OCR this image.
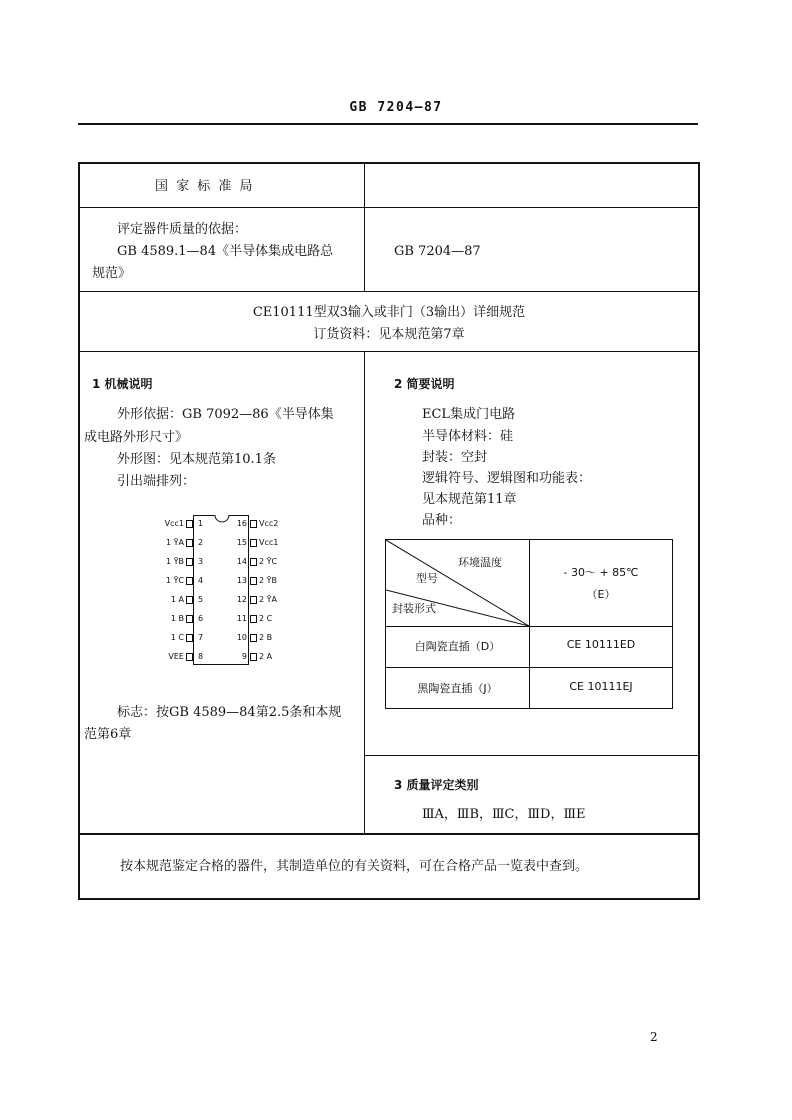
GB 7204—87
国 家 标 准 局
评定器件质量的依据：
GB 4589.1—84《半导体集成电路总
规范》
GB 7204—87
CE10111型双3输入或非门（3输出）详细规范
订货资料：见本规范第7章
1 机械说明
外形依据：GB 7092—86《半导体集
成电路外形尺寸》
外形图：见本规范第10.1条
引出端排列：
Vcc1 1
1 ȲA 2
1 ȲB 3
1 ȲC 4
1 A 5
1 B 6
1 C 7
VEE 8
Vcc2
16
Vcc1
15
2 ȲC
14
2 ȲB
13
2 ȲA
12
2 C
11
2 B
10
2 A
9
标志：按GB 4589—84第2.5条和本规
范第6章
2 简要说明
ECL集成门电路
半导体材料：硅
封装：空封
逻辑符号、逻辑图和功能表：
见本规范第11章
品种：
环境温度
型号
封装形式
- 30～ + 85℃
（E）
白陶瓷直插（D）	CE 10111ED
黑陶瓷直插（J）	CE 10111EJ
3 质量评定类别
ⅢA，ⅢB，ⅢC，ⅢD，ⅢE
按本规范鉴定合格的器件，其制造单位的有关资料，可在合格产品一览表中查到。
2
